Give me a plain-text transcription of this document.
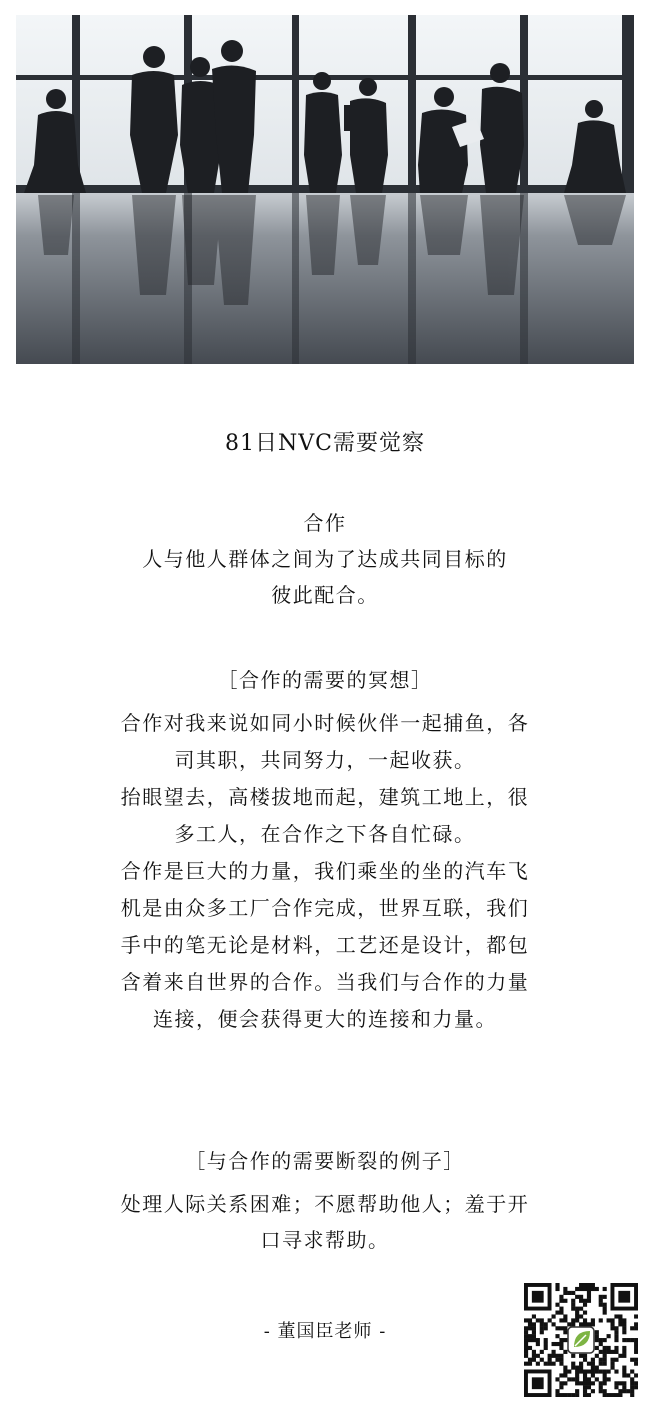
81日NVC需要觉察
合作
人与他人群体之间为了达成共同目标的
彼此配合。
［合作的需要的冥想］
合作对我来说如同小时候伙伴一起捕鱼，各
司其职，共同努力，一起收获。
抬眼望去，高楼拔地而起，建筑工地上，很
多工人，在合作之下各自忙碌。
合作是巨大的力量，我们乘坐的坐的汽车飞
机是由众多工厂合作完成，世界互联，我们
手中的笔无论是材料，工艺还是设计，都包
含着来自世界的合作。当我们与合作的力量
连接，便会获得更大的连接和力量。
［与合作的需要断裂的例子］
处理人际关系困难；不愿帮助他人；羞于开
口寻求帮助。
- 董国臣老师 -
